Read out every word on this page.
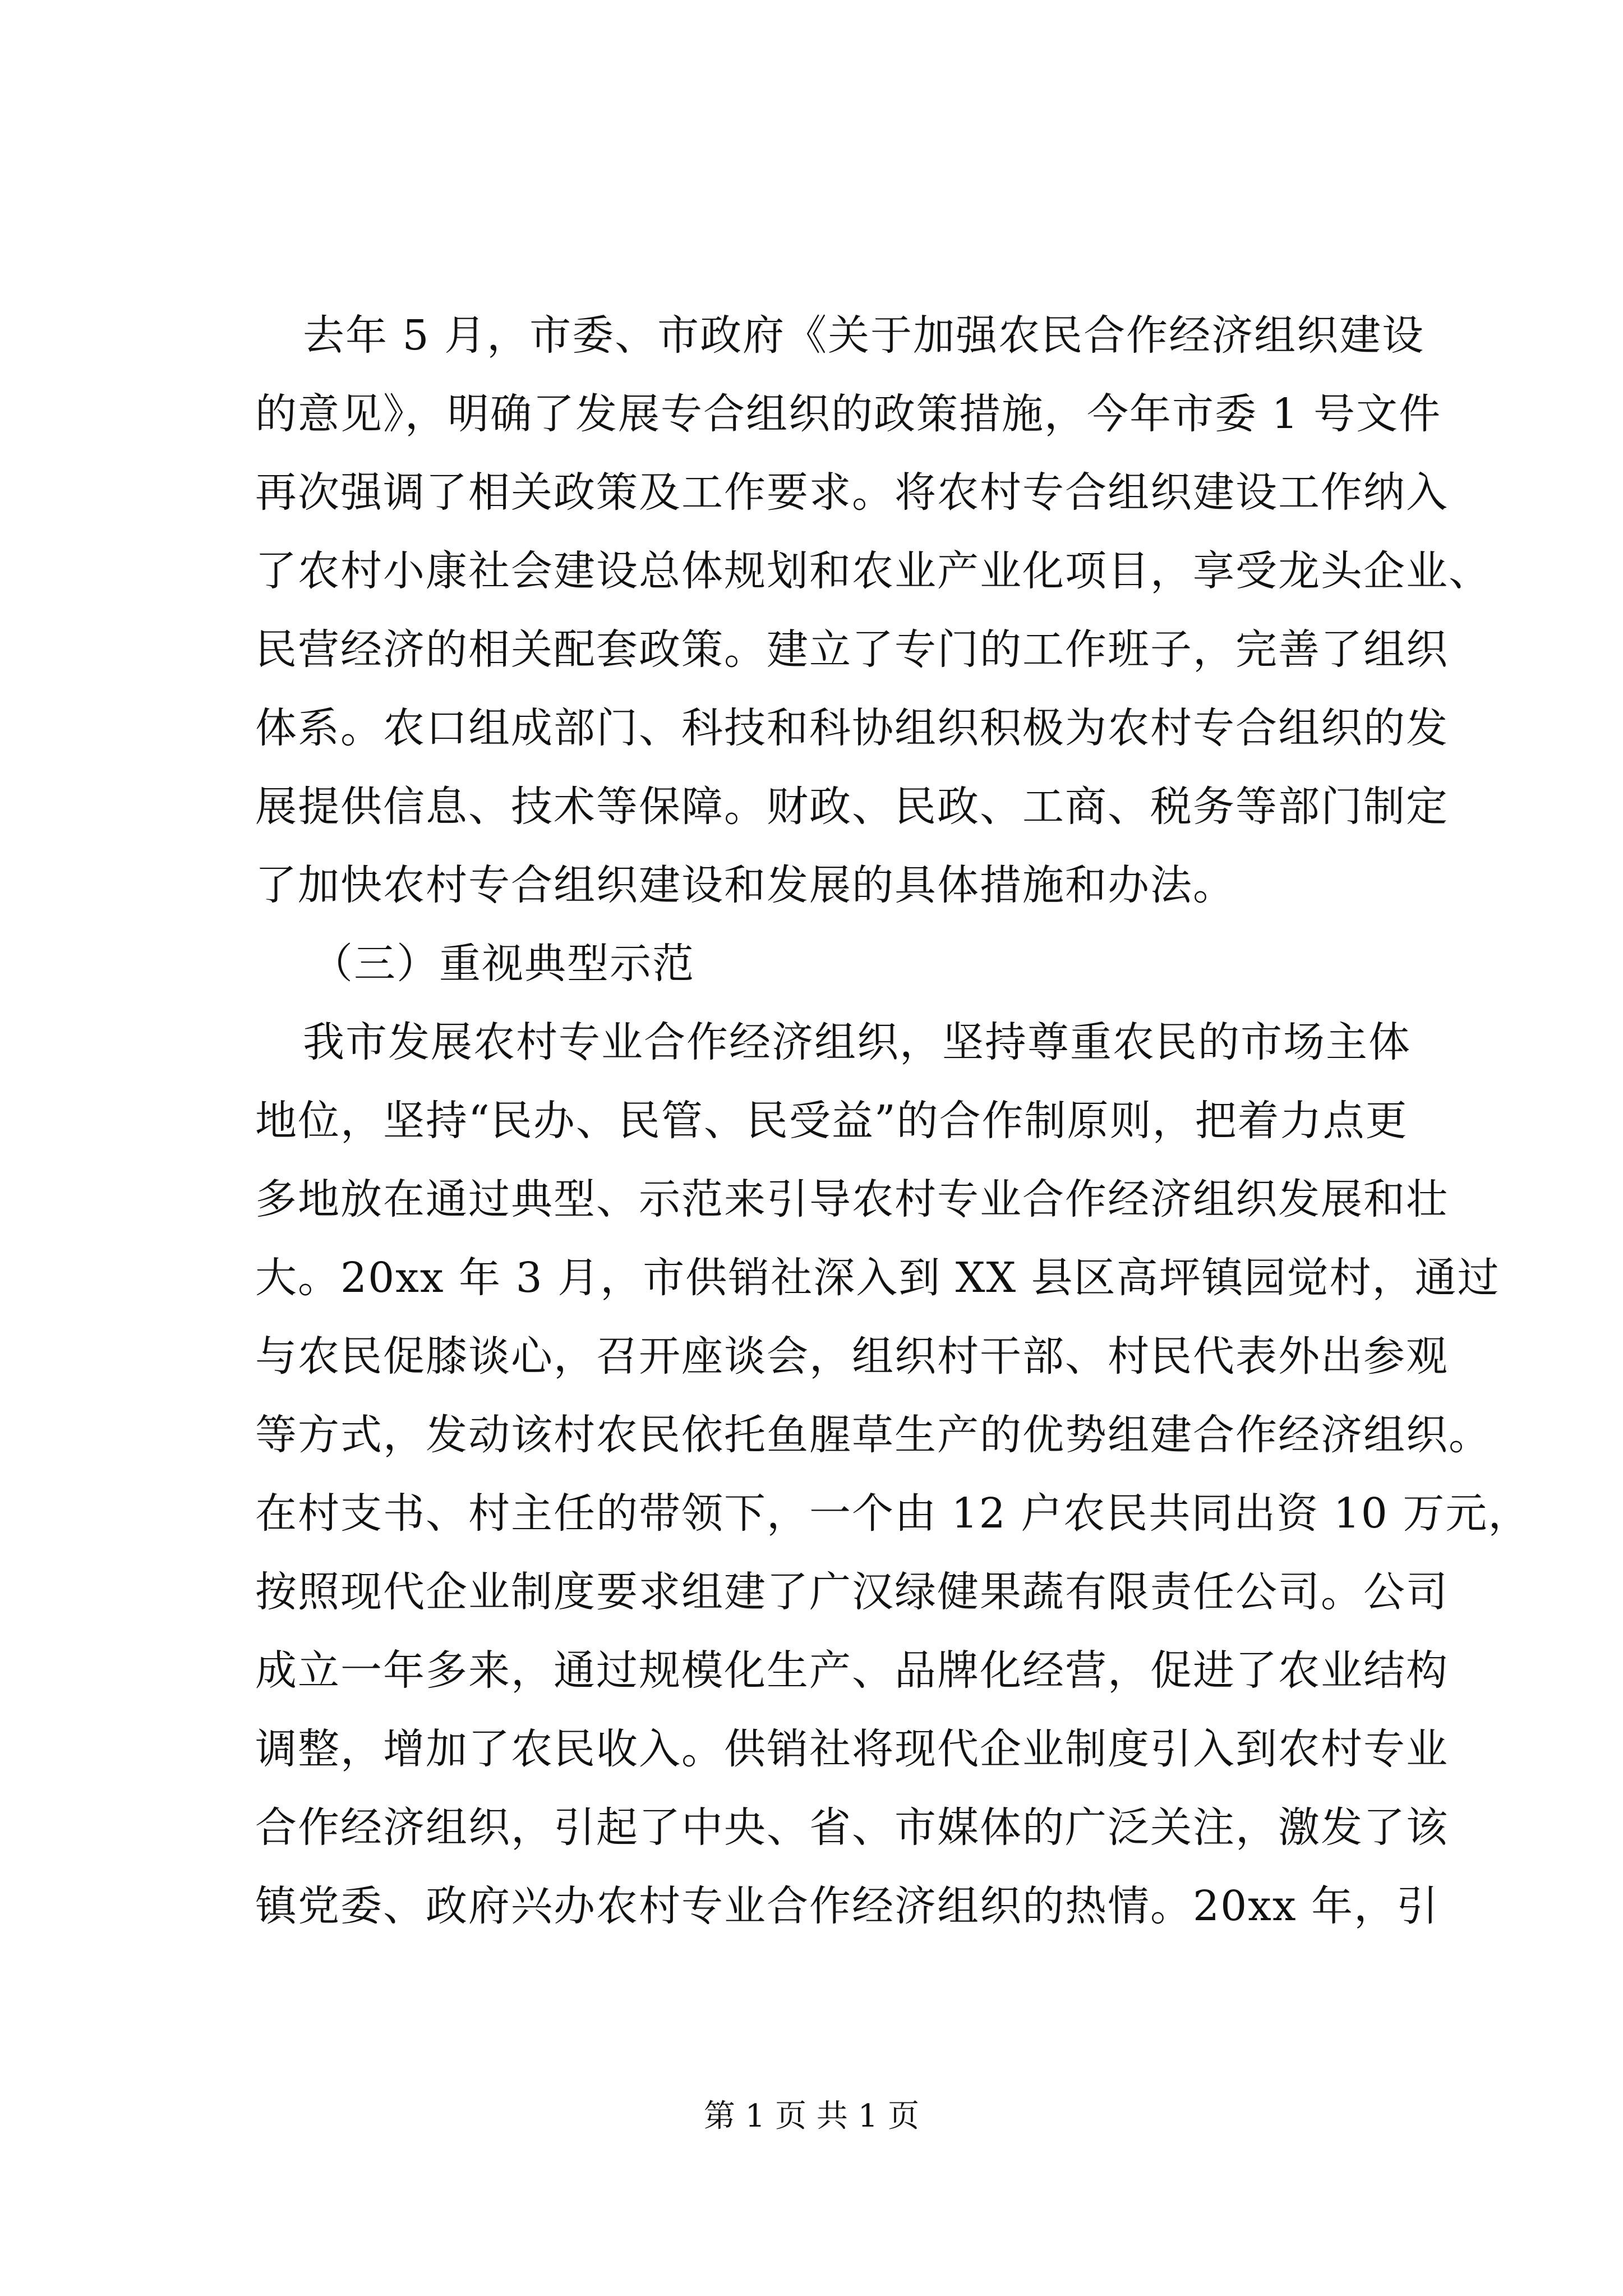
去年 5 月，市委、市政府《关于加强农民合作经济组织建设
的意见》，明确了发展专合组织的政策措施，今年市委 1 号文件
再次强调了相关政策及工作要求。将农村专合组织建设工作纳入
了农村小康社会建设总体规划和农业产业化项目，享受龙头企业、
民营经济的相关配套政策。建立了专门的工作班子，完善了组织
体系。农口组成部门、科技和科协组织积极为农村专合组织的发
展提供信息、技术等保障。财政、民政、工商、税务等部门制定
了加快农村专合组织建设和发展的具体措施和办法。
（三）重视典型示范
我市发展农村专业合作经济组织，坚持尊重农民的市场主体
地位，坚持“民办、民管、民受益”的合作制原则，把着力点更
多地放在通过典型、示范来引导农村专业合作经济组织发展和壮
大。20xx 年 3 月，市供销社深入到 XX 县区高坪镇园觉村，通过
与农民促膝谈心，召开座谈会，组织村干部、村民代表外出参观
等方式，发动该村农民依托鱼腥草生产的优势组建合作经济组织。
在村支书、村主任的带领下，一个由 12 户农民共同出资 10 万元，
按照现代企业制度要求组建了广汉绿健果蔬有限责任公司。公司
成立一年多来，通过规模化生产、品牌化经营，促进了农业结构
调整，增加了农民收入。供销社将现代企业制度引入到农村专业
合作经济组织，引起了中央、省、市媒体的广泛关注，激发了该
镇党委、政府兴办农村专业合作经济组织的热情。20xx 年，引
第 1 页 共 1 页
